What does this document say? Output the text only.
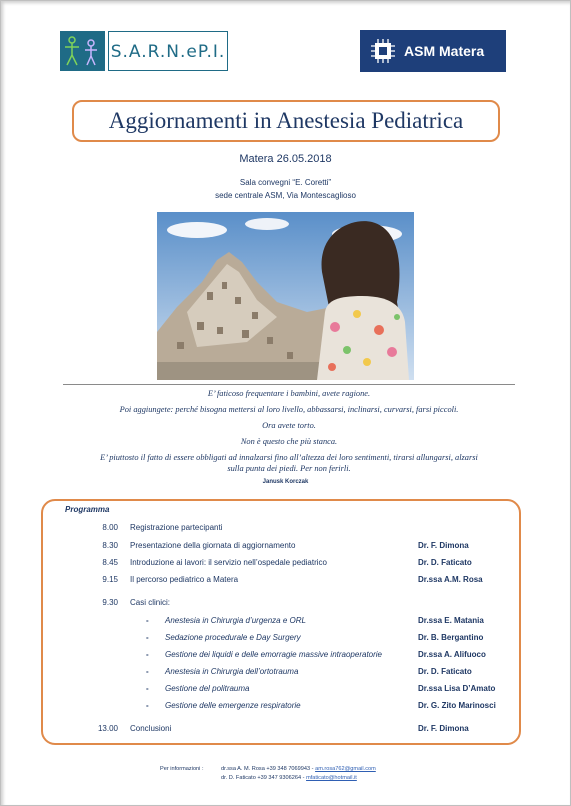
S.A.R.N.eP.I.	ASM Matera
Aggiornamenti in Anestesia Pediatrica
Matera 26.05.2018
Sala convegni “E. Coretti”
sede centrale ASM, Via Montescaglioso
E’ faticoso frequentare i bambini, avete ragione.
Poi aggiungete: perché bisogna mettersi al loro livello, abbassarsi, inclinarsi, curvarsi, farsi piccoli.
Ora avete torto.
Non è questo che più stanca.
E’ piuttosto il fatto di essere obbligati ad innalzarsi fino all’altezza dei loro sentimenti, tirarsi allungarsi, alzarsi
sulla punta dei piedi. Per non ferirli.
Janusk Korczak
Programma
8.00 Registrazione partecipanti
8.30 Presentazione della giornata di aggiornamento	Dr. F. Dimona
8.45 Introduzione ai lavori: il servizio nell’ospedale pediatrico	Dr. D. Faticato
9.15 Il percorso pediatrico a Matera	Dr.ssa A.M. Rosa
9.30 Casi clinici:
- Anestesia in Chirurgia d’urgenza e ORL	Dr.ssa E. Matania
- Sedazione procedurale e Day Surgery	Dr. B. Bergantino
- Gestione dei liquidi e delle emorragie massive intraoperatorie	Dr.ssa A. Alifuoco
- Anestesia in Chirurgia dell’ortotrauma	Dr. D. Faticato
- Gestione del politrauma	Dr.ssa Lisa D’Amato
- Gestione delle emergenze respiratorie	Dr. G. Zito Marinosci
13.00 Conclusioni	Dr. F. Dimona
Per informazioni :	dr.ssa A. M. Rosa +39 348 7069943 - am.rosa762@gmail.com
dr. D. Faticato +39 347 9306264 - mfaticato@hotmail.it
